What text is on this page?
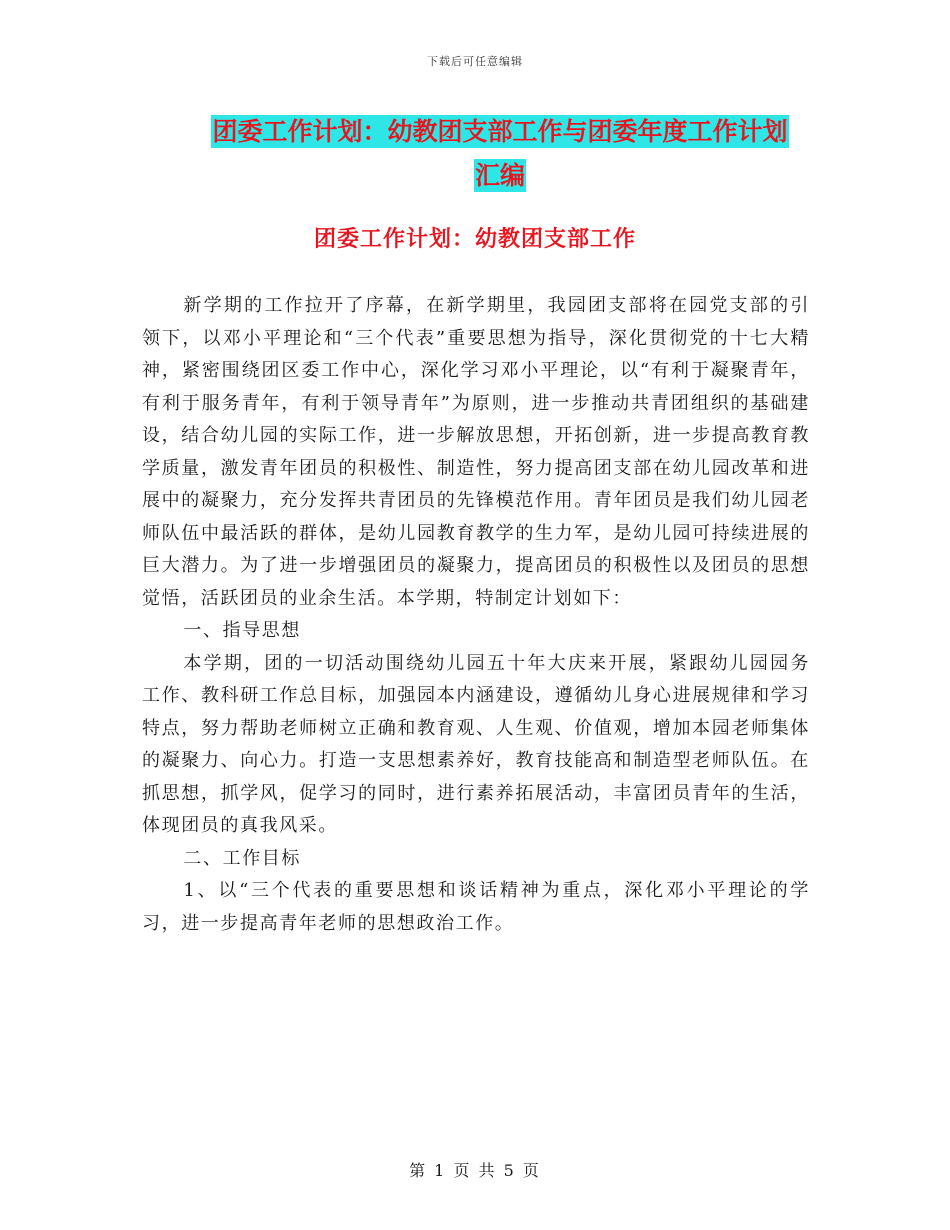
下载后可任意编辑
团委工作计划：幼教团支部工作与团委年度工作计划
汇编
团委工作计划：幼教团支部工作

新学期的工作拉开了序幕，在新学期里，我园团支部将在园党支部的引领下，以邓小平理论和“三个代表”重要思想为指导，深化贯彻党的十七大精神，紧密围绕团区委工作中心，深化学习邓小平理论，以“有利于凝聚青年，有利于服务青年，有利于领导青年”为原则，进一步推动共青团组织的基础建设，结合幼儿园的实际工作，进一步解放思想，开拓创新，进一步提高教育教学质量，激发青年团员的积极性、制造性，努力提高团支部在幼儿园改革和进展中的凝聚力，充分发挥共青团员的先锋模范作用。青年团员是我们幼儿园老师队伍中最活跃的群体，是幼儿园教育教学的生力军，是幼儿园可持续进展的巨大潜力。为了进一步增强团员的凝聚力，提高团员的积极性以及团员的思想觉悟，活跃团员的业余生活。本学期，特制定计划如下：

一、指导思想

本学期，团的一切活动围绕幼儿园五十年大庆来开展，紧跟幼儿园园务工作、教科研工作总目标，加强园本内涵建设，遵循幼儿身心进展规律和学习特点，努力帮助老师树立正确和教育观、人生观、价值观，增加本园老师集体的凝聚力、向心力。打造一支思想素养好，教育技能高和制造型老师队伍。在抓思想，抓学风，促学习的同时，进行素养拓展活动，丰富团员青年的生活，体现团员的真我风采。

二、工作目标

1、以“三个代表的重要思想和谈话精神为重点，深化邓小平理论的学习，进一步提高青年老师的思想政治工作。

第 1 页 共 5 页
